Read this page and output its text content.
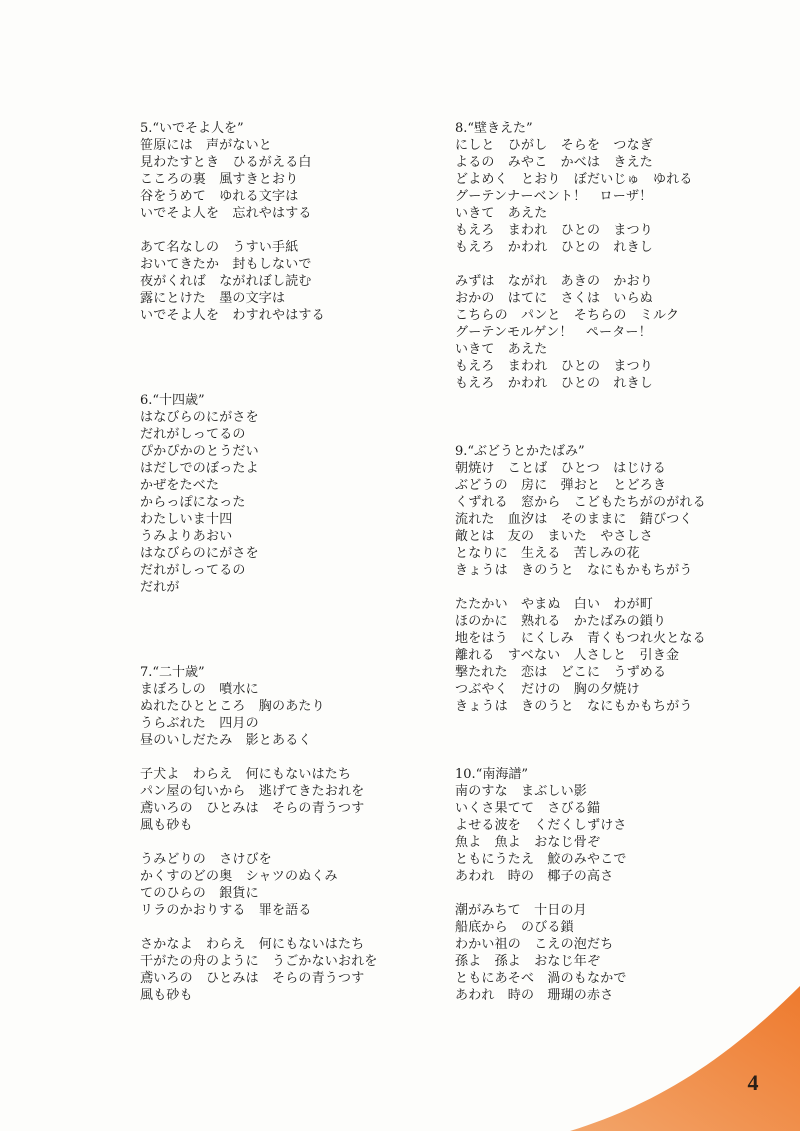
4
5.“いでそよ人を”
笹原には　声がないと
見わたすとき　ひるがえる白
こころの裏　風すきとおり
谷をうめて　ゆれる文字は
いでそよ人を　忘れやはする
あて名なしの　うすい手紙
おいてきたか　封もしないで
夜がくれば　ながれぼし読む
露にとけた　墨の文字は
いでそよ人を　わすれやはする
6.“十四歳”
はなびらのにがさを
だれがしってるの
ぴかぴかのとうだい
はだしでのぼったよ
かぜをたべた
からっぽになった
わたしいま十四
うみよりあおい
はなびらのにがさを
だれがしってるの
だれが
7.“二十歳”
まぼろしの　噴水に
ぬれたひとところ　胸のあたり
うらぶれた　四月の
昼のいしだたみ　影とあるく
子犬よ　わらえ　何にもないはたち
パン屋の匂いから　逃げてきたおれを
鳶いろの　ひとみは　そらの青うつす
風も砂も
うみどりの　さけびを
かくすのどの奥　シャツのぬくみ
てのひらの　銀貨に
リラのかおりする　罪を語る
さかなよ　わらえ　何にもないはたち
干がたの舟のように　うごかないおれを
鳶いろの　ひとみは　そらの青うつす
風も砂も
8.“壁きえた”
にしと　ひがし　そらを　つなぎ
よるの　みやこ　かべは　きえた
どよめく　とおり　ぼだいじゅ　ゆれる
グーテンナーベント！　ローザ！
いきて　あえた
もえろ　まわれ　ひとの　まつり
もえろ　かわれ　ひとの　れきし
みずは　ながれ　あきの　かおり
おかの　はてに　さくは　いらぬ
こちらの　パンと　そちらの　ミルク
グーテンモルゲン！　ペーター！
いきて　あえた
もえろ　まわれ　ひとの　まつり
もえろ　かわれ　ひとの　れきし
9.“ぶどうとかたばみ”
朝焼け　ことば　ひとつ　はじける
ぶどうの　房に　弾おと　とどろき
くずれる　窓から　こどもたちがのがれる
流れた　血汐は　そのままに　錆びつく
敵とは　友の　まいた　やさしさ
となりに　生える　苦しみの花
きょうは　きのうと　なにもかもちがう
たたかい　やまぬ　白い　わが町
ほのかに　熟れる　かたばみの鎖り
地をはう　にくしみ　青くもつれ火となる
離れる　すべない　人さしと　引き金
撃たれた　恋は　どこに　うずめる
つぶやく　だけの　胸の夕焼け
きょうは　きのうと　なにもかもちがう
10.“南海譜”
南のすな　まぶしい影
いくさ果てて　さびる錨
よせる波を　くだくしずけさ
魚よ　魚よ　おなじ骨ぞ
ともにうたえ　鮫のみやこで
あわれ　時の　椰子の高さ
潮がみちて　十日の月
船底から　のびる鎖
わかい祖の　こえの泡だち
孫よ　孫よ　おなじ年ぞ
ともにあそべ　渦のもなかで
あわれ　時の　珊瑚の赤さ
